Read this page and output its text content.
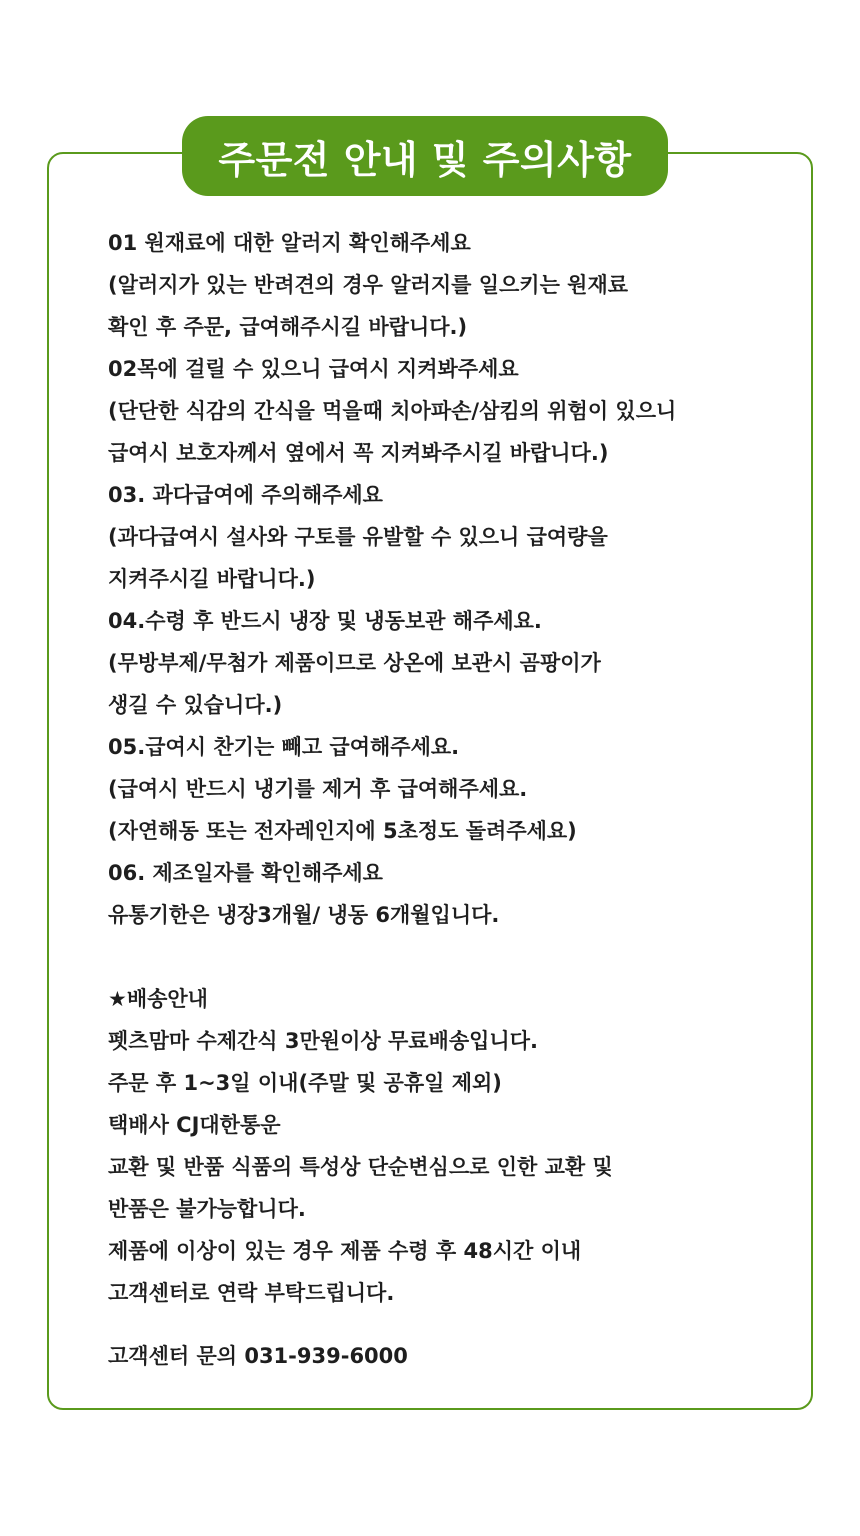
주문전 안내 및 주의사항
01 원재료에 대한 알러지 확인해주세요
(알러지가 있는 반려견의 경우 알러지를 일으키는 원재료
확인 후 주문, 급여해주시길 바랍니다.)
02목에 걸릴 수 있으니 급여시 지켜봐주세요
(단단한 식감의 간식을 먹을때 치아파손/삼킴의 위험이 있으니
급여시 보호자께서 옆에서 꼭 지켜봐주시길 바랍니다.)
03. 과다급여에 주의해주세요
(과다급여시 설사와 구토를 유발할 수 있으니 급여량을
지켜주시길 바랍니다.)
04.수령 후 반드시 냉장 및 냉동보관 해주세요.
(무방부제/무첨가 제품이므로 상온에 보관시 곰팡이가
생길 수 있습니다.)
05.급여시 찬기는 빼고 급여해주세요.
(급여시 반드시 냉기를 제거 후 급여해주세요.
(자연해동 또는 전자레인지에 5초정도 돌려주세요)
06. 제조일자를 확인해주세요
유통기한은 냉장3개월/ 냉동 6개월입니다.
★배송안내
펫츠맘마 수제간식 3만원이상 무료배송입니다.
주문 후 1~3일 이내(주말 및 공휴일 제외)
택배사 CJ대한통운
교환 및 반품 식품의 특성상 단순변심으로 인한 교환 및
반품은 불가능합니다.
제품에 이상이 있는 경우 제품 수령 후 48시간 이내
고객센터로 연락 부탁드립니다.
고객센터 문의 031-939-6000
